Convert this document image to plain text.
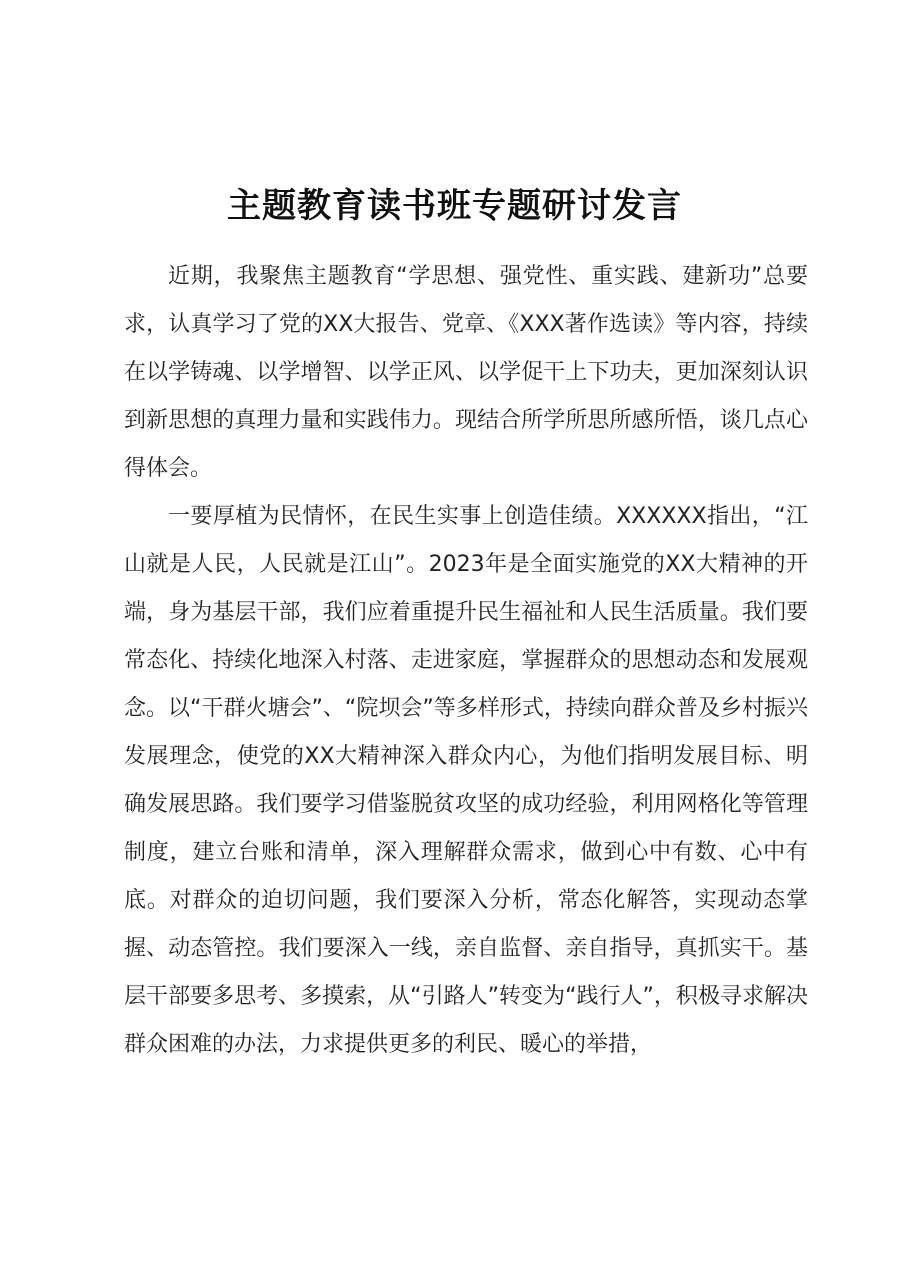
主题教育读书班专题研讨发言

近期，我聚焦主题教育“学思想、强党性、重实践、建新功”总要求，认真学习了党的XX大报告、党章、《XXX著作选读》等内容，持续在以学铸魂、以学增智、以学正风、以学促干上下功夫，更加深刻认识到新思想的真理力量和实践伟力。现结合所学所思所感所悟，谈几点心得体会。

一要厚植为民情怀，在民生实事上创造佳绩。XXXXXX指出，“江山就是人民，人民就是江山”。2023年是全面实施党的XX大精神的开端，身为基层干部，我们应着重提升民生福祉和人民生活质量。我们要常态化、持续化地深入村落、走进家庭，掌握群众的思想动态和发展观念。以“干群火塘会”、“院坝会”等多样形式，持续向群众普及乡村振兴发展理念，使党的XX大精神深入群众内心，为他们指明发展目标、明确发展思路。我们要学习借鉴脱贫攻坚的成功经验，利用网格化等管理制度，建立台账和清单，深入理解群众需求，做到心中有数、心中有底。对群众的迫切问题，我们要深入分析，常态化解答，实现动态掌握、动态管控。我们要深入一线，亲自监督、亲自指导，真抓实干。基层干部要多思考、多摸索，从“引路人”转变为“践行人”，积极寻求解决群众困难的办法，力求提供更多的利民、暖心的举措，
